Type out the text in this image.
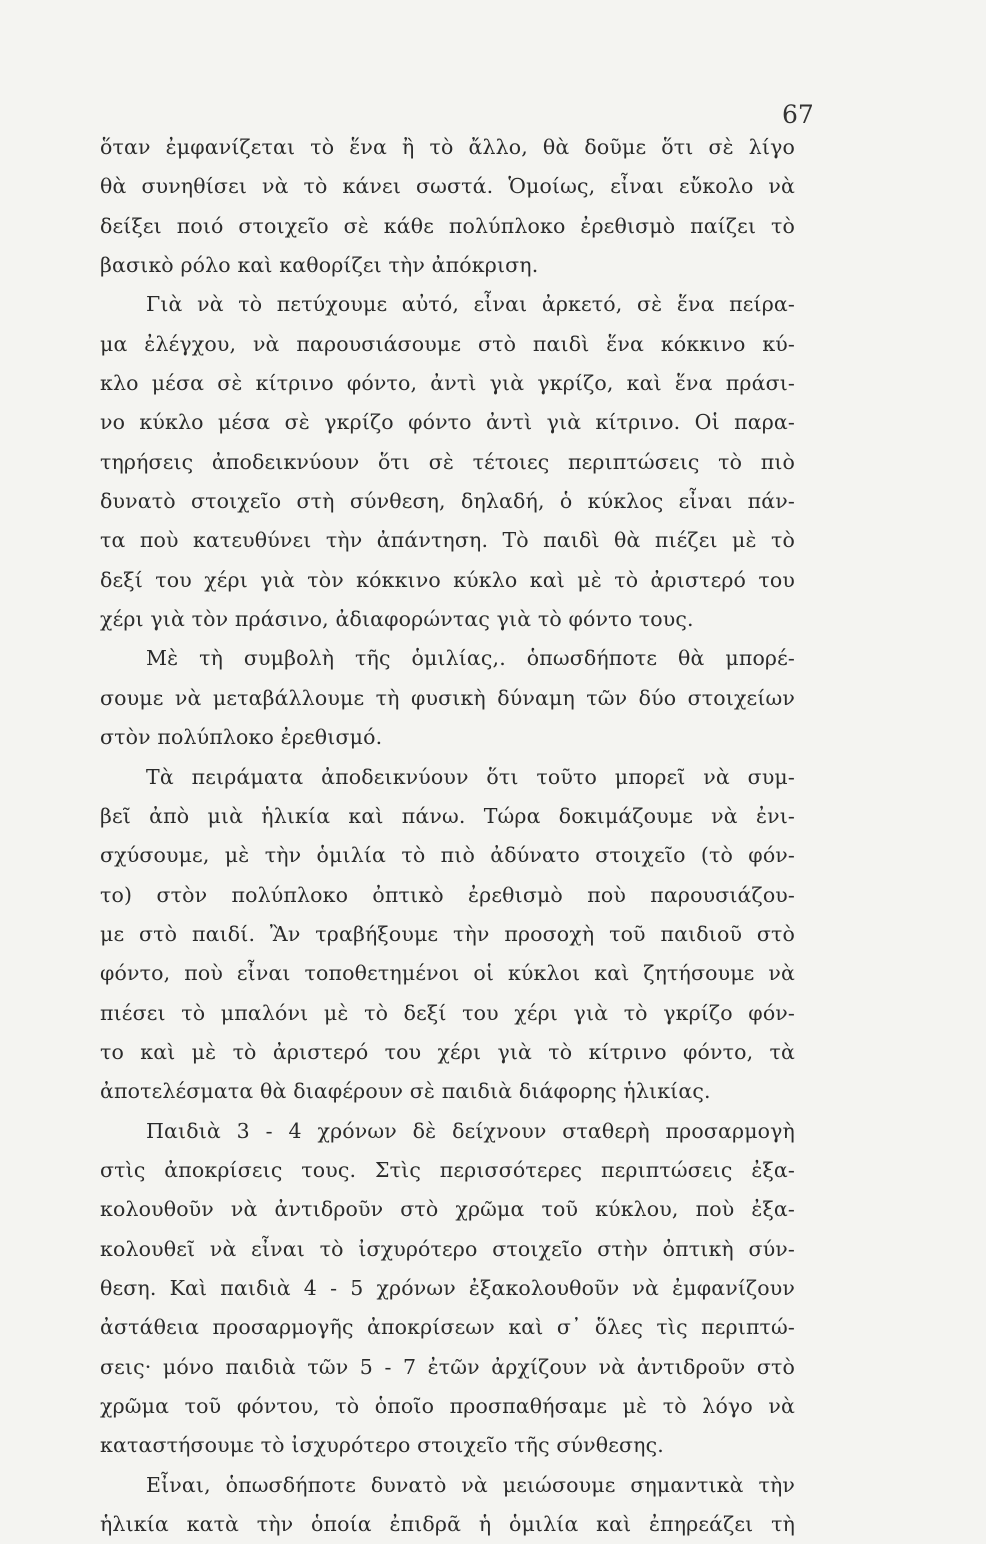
67
ὅταν ἐμφανίζεται τὸ ἕνα ἢ τὸ ἄλλο, θὰ δοῦμε ὅτι σὲ λίγο
θὰ συνηθίσει νὰ τὸ κάνει σωστά. Ὁμοίως, εἶναι εὔκολο νὰ
δείξει ποιό στοιχεῖο σὲ κάθε πολύπλοκο ἐρεθισμὸ παίζει τὸ
βασικὸ ρόλο καὶ καθορίζει τὴν ἀπόκριση.
Γιὰ νὰ τὸ πετύχουμε αὐτό, εἶναι ἀρκετό, σὲ ἕνα πείρα-
μα ἐλέγχου, νὰ παρουσιάσουμε στὸ παιδὶ ἕνα κόκκινο κύ-
κλο μέσα σὲ κίτρινο φόντο, ἀντὶ γιὰ γκρίζο, καὶ ἕνα πράσι-
νο κύκλο μέσα σὲ γκρίζο φόντο ἀντὶ γιὰ κίτρινο. Οἱ παρα-
τηρήσεις ἀποδεικνύουν ὅτι σὲ τέτοιες περιπτώσεις τὸ πιὸ
δυνατὸ στοιχεῖο στὴ σύνθεση, δηλαδή, ὁ κύκλος εἶναι πάν-
τα ποὺ κατευθύνει τὴν ἀπάντηση. Τὸ παιδὶ θὰ πιέζει μὲ τὸ
δεξί του χέρι γιὰ τὸν κόκκινο κύκλο καὶ μὲ τὸ ἀριστερό του
χέρι γιὰ τὸν πράσινο, ἀδιαφορώντας γιὰ τὸ φόντο τους.
Μὲ τὴ συμβολὴ τῆς ὁμιλίας,. ὁπωσδήποτε θὰ μπορέ-
σουμε νὰ μεταβάλλουμε τὴ φυσικὴ δύναμη τῶν δύο στοιχείων
στὸν πολύπλοκο ἐρεθισμό.
Τὰ πειράματα ἀποδεικνύουν ὅτι τοῦτο μπορεῖ νὰ συμ-
βεῖ ἀπὸ μιὰ ἡλικία καὶ πάνω. Τώρα δοκιμάζουμε νὰ ἐνι-
σχύσουμε, μὲ τὴν ὁμιλία τὸ πιὸ ἀδύνατο στοιχεῖο (τὸ φόν-
το) στὸν πολύπλοκο ὀπτικὸ ἐρεθισμὸ ποὺ παρουσιάζου-
με στὸ παιδί. Ἂν τραβήξουμε τὴν προσοχὴ τοῦ παιδιοῦ στὸ
φόντο, ποὺ εἶναι τοποθετημένοι οἱ κύκλοι καὶ ζητήσουμε νὰ
πιέσει τὸ μπαλόνι μὲ τὸ δεξί του χέρι γιὰ τὸ γκρίζο φόν-
το καὶ μὲ τὸ ἀριστερό του χέρι γιὰ τὸ κίτρινο φόντο, τὰ
ἀποτελέσματα θὰ διαφέρουν σὲ παιδιὰ διάφορης ἡλικίας.
Παιδιὰ 3 - 4 χρόνων δὲ δείχνουν σταθερὴ προσαρμογὴ
στὶς ἀποκρίσεις τους. Στὶς περισσότερες περιπτώσεις ἐξα-
κολουθοῦν νὰ ἀντιδροῦν στὸ χρῶμα τοῦ κύκλου, ποὺ ἐξα-
κολουθεῖ νὰ εἶναι τὸ ἰσχυρότερο στοιχεῖο στὴν ὀπτικὴ σύν-
θεση. Καὶ παιδιὰ 4 - 5 χρόνων ἐξακολουθοῦν νὰ ἐμφανίζουν
ἀστάθεια προσαρμογῆς ἀποκρίσεων καὶ σ᾽ ὅλες τὶς περιπτώ-
σεις· μόνο παιδιὰ τῶν 5 - 7 ἐτῶν ἀρχίζουν νὰ ἀντιδροῦν στὸ
χρῶμα τοῦ φόντου, τὸ ὁποῖο προσπαθήσαμε μὲ τὸ λόγο νὰ
καταστήσουμε τὸ ἰσχυρότερο στοιχεῖο τῆς σύνθεσης.
Εἶναι, ὁπωσδήποτε δυνατὸ νὰ μειώσουμε σημαντικὰ τὴν
ἡλικία κατὰ τὴν ὁποία ἐπιδρᾶ ἡ ὁμιλία καὶ ἐπηρεάζει τὴ
